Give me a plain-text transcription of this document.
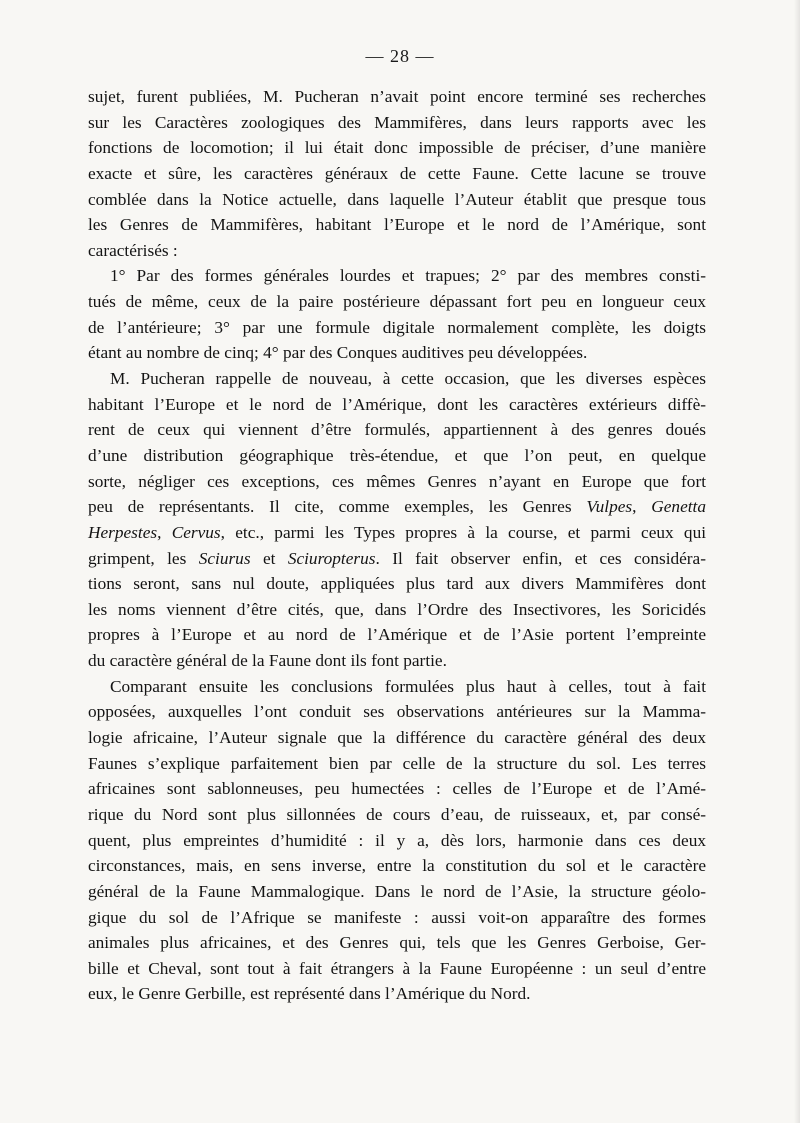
— 28 —
sujet, furent publiées, M. Pucheran n’avait point encore terminé ses recherches
sur les Caractères zoologiques des Mammifères, dans leurs rapports avec les
fonctions de locomotion; il lui était donc impossible de préciser, d’une manière
exacte et sûre, les caractères généraux de cette Faune. Cette lacune se trouve
comblée dans la Notice actuelle, dans laquelle l’Auteur établit que presque tous
les Genres de Mammifères, habitant l’Europe et le nord de l’Amérique, sont
caractérisés :
1° Par des formes générales lourdes et trapues; 2° par des membres consti-
tués de même, ceux de la paire postérieure dépassant fort peu en longueur ceux
de l’antérieure; 3° par une formule digitale normalement complète, les doigts
étant au nombre de cinq; 4° par des Conques auditives peu développées.
M. Pucheran rappelle de nouveau, à cette occasion, que les diverses espèces
habitant l’Europe et le nord de l’Amérique, dont les caractères extérieurs diffè-
rent de ceux qui viennent d’être formulés, appartiennent à des genres doués
d’une distribution géographique très-étendue, et que l’on peut, en quelque
sorte, négliger ces exceptions, ces mêmes Genres n’ayant en Europe que fort
peu de représentants. Il cite, comme exemples, les Genres Vulpes, Genetta
Herpestes, Cervus, etc., parmi les Types propres à la course, et parmi ceux qui
grimpent, les Sciurus et Sciuropterus. Il fait observer enfin, et ces considéra-
tions seront, sans nul doute, appliquées plus tard aux divers Mammifères dont
les noms viennent d’être cités, que, dans l’Ordre des Insectivores, les Soricidés
propres à l’Europe et au nord de l’Amérique et de l’Asie portent l’empreinte
du caractère général de la Faune dont ils font partie.
Comparant ensuite les conclusions formulées plus haut à celles, tout à fait
opposées, auxquelles l’ont conduit ses observations antérieures sur la Mamma-
logie africaine, l’Auteur signale que la différence du caractère général des deux
Faunes s’explique parfaitement bien par celle de la structure du sol. Les terres
africaines sont sablonneuses, peu humectées : celles de l’Europe et de l’Amé-
rique du Nord sont plus sillonnées de cours d’eau, de ruisseaux, et, par consé-
quent, plus empreintes d’humidité : il y a, dès lors, harmonie dans ces deux
circonstances, mais, en sens inverse, entre la constitution du sol et le caractère
général de la Faune Mammalogique. Dans le nord de l’Asie, la structure géolo-
gique du sol de l’Afrique se manifeste : aussi voit-on apparaître des formes
animales plus africaines, et des Genres qui, tels que les Genres Gerboise, Ger-
bille et Cheval, sont tout à fait étrangers à la Faune Européenne : un seul d’entre
eux, le Genre Gerbille, est représenté dans l’Amérique du Nord.
